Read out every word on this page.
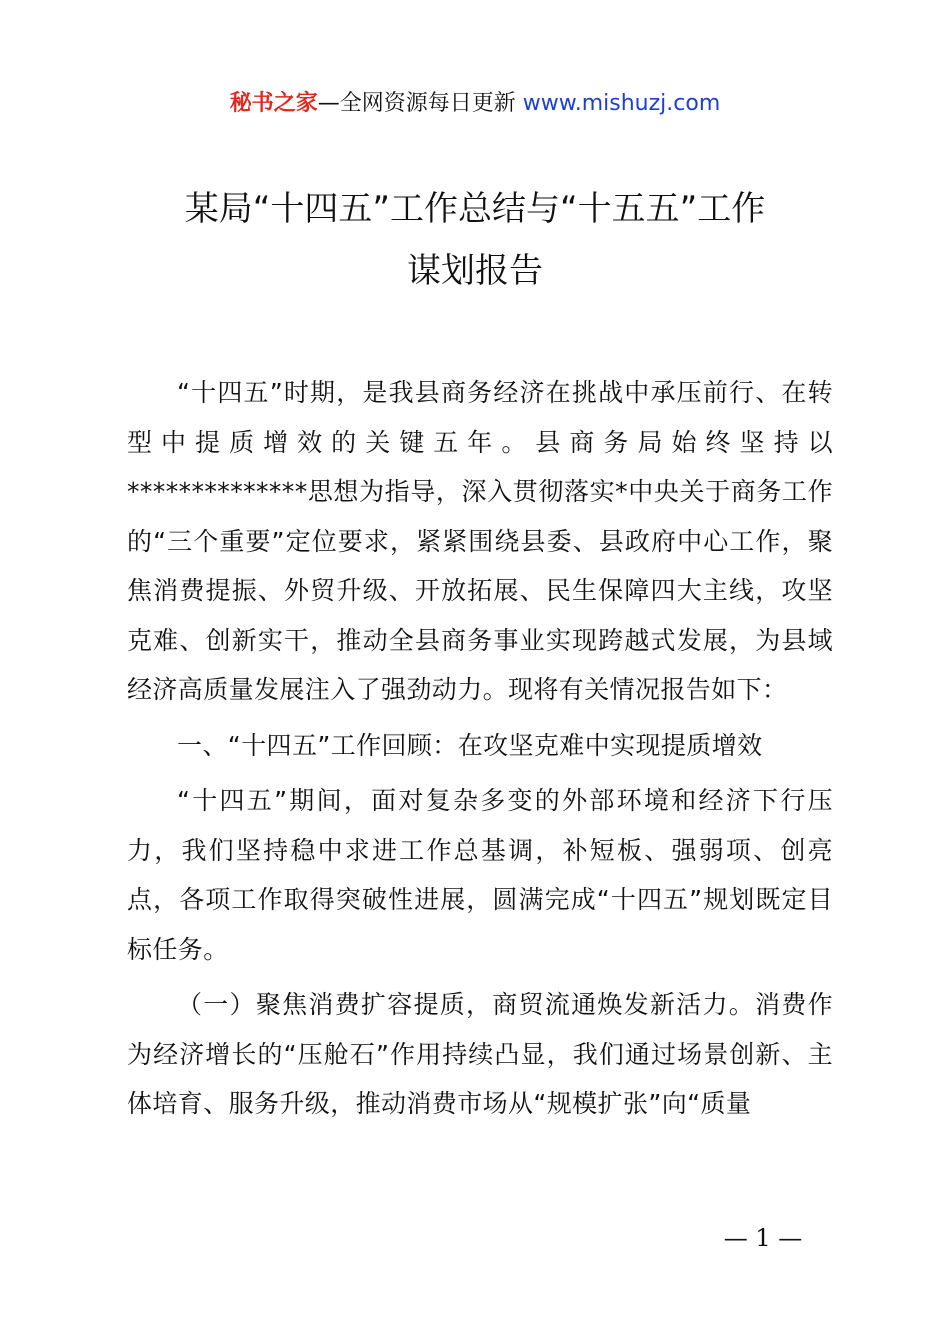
秘书之家—全网资源每日更新 www.mishuzj.com
某局“十四五”工作总结与“十五五”工作
谋划报告

“十四五”时期，是我县商务经济在挑战中承压前行、在转型中提质增效的关键五年。县商务局始终坚持以**************思想为指导，深入贯彻落实*中央关于商务工作的“三个重要”定位要求，紧紧围绕县委、县政府中心工作，聚焦消费提振、外贸升级、开放拓展、民生保障四大主线，攻坚克难、创新实干，推动全县商务事业实现跨越式发展，为县域经济高质量发展注入了强劲动力。现将有关情况报告如下：

一、“十四五”工作回顾：在攻坚克难中实现提质增效

“十四五”期间，面对复杂多变的外部环境和经济下行压力，我们坚持稳中求进工作总基调，补短板、强弱项、创亮点，各项工作取得突破性进展，圆满完成“十四五”规划既定目标任务。

（一）聚焦消费扩容提质，商贸流通焕发新活力。消费作为经济增长的“压舱石”作用持续凸显，我们通过场景创新、主体培育、服务升级，推动消费市场从“规模扩张”向“质量

— 1 —
